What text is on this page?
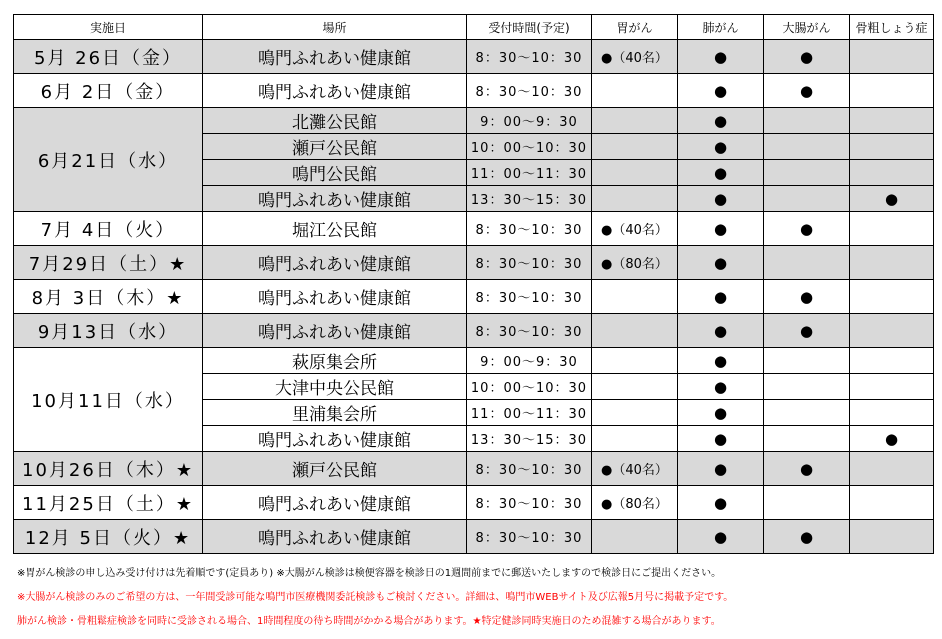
実施日	場所	受付時間(予定)	胃がん	肺がん	大腸がん	骨粗しょう症
5月 26日（金）	鳴門ふれあい健康館	8：30〜10：30	●（40名）	●	●	
6月 2日（金）	鳴門ふれあい健康館	8：30〜10：30		●	●	
6月21日（水）	北灘公民館	9：00〜9：30		●		
	瀬戸公民館	10：00〜10：30		●		
	鳴門公民館	11：00〜11：30		●		
	鳴門ふれあい健康館	13：30〜15：30		●		●
7月 4日（火）	堀江公民館	8：30〜10：30	●（40名）	●	●	
7月29日（土）★	鳴門ふれあい健康館	8：30〜10：30	●（80名）	●		
8月 3日（木）★	鳴門ふれあい健康館	8：30〜10：30		●	●	
9月13日（水）	鳴門ふれあい健康館	8：30〜10：30		●	●	
10月11日（水）	萩原集会所	9：00〜9：30		●		
	大津中央公民館	10：00〜10：30		●		
	里浦集会所	11：00〜11：30		●		
	鳴門ふれあい健康館	13：30〜15：30		●		●
10月26日（木）★	瀬戸公民館	8：30〜10：30	●（40名）	●	●	
11月25日（土）★	鳴門ふれあい健康館	8：30〜10：30	●（80名）	●		
12月 5日（火）★	鳴門ふれあい健康館	8：30〜10：30		●	●	
※胃がん検診の申し込み受け付けは先着順です(定員あり) ※大腸がん検診は検便容器を検診日の1週間前までに郵送いたしますので検診日にご提出ください。
※大腸がん検診のみのご希望の方は、一年間受診可能な鳴門市医療機関委託検診もご検討ください。詳細は、鳴門市WEBサイト及び広報5月号に掲載予定です。
肺がん検診・骨粗鬆症検診を同時に受診される場合、1時間程度の待ち時間がかかる場合があります。★特定健診同時実施日のため混雑する場合があります。
